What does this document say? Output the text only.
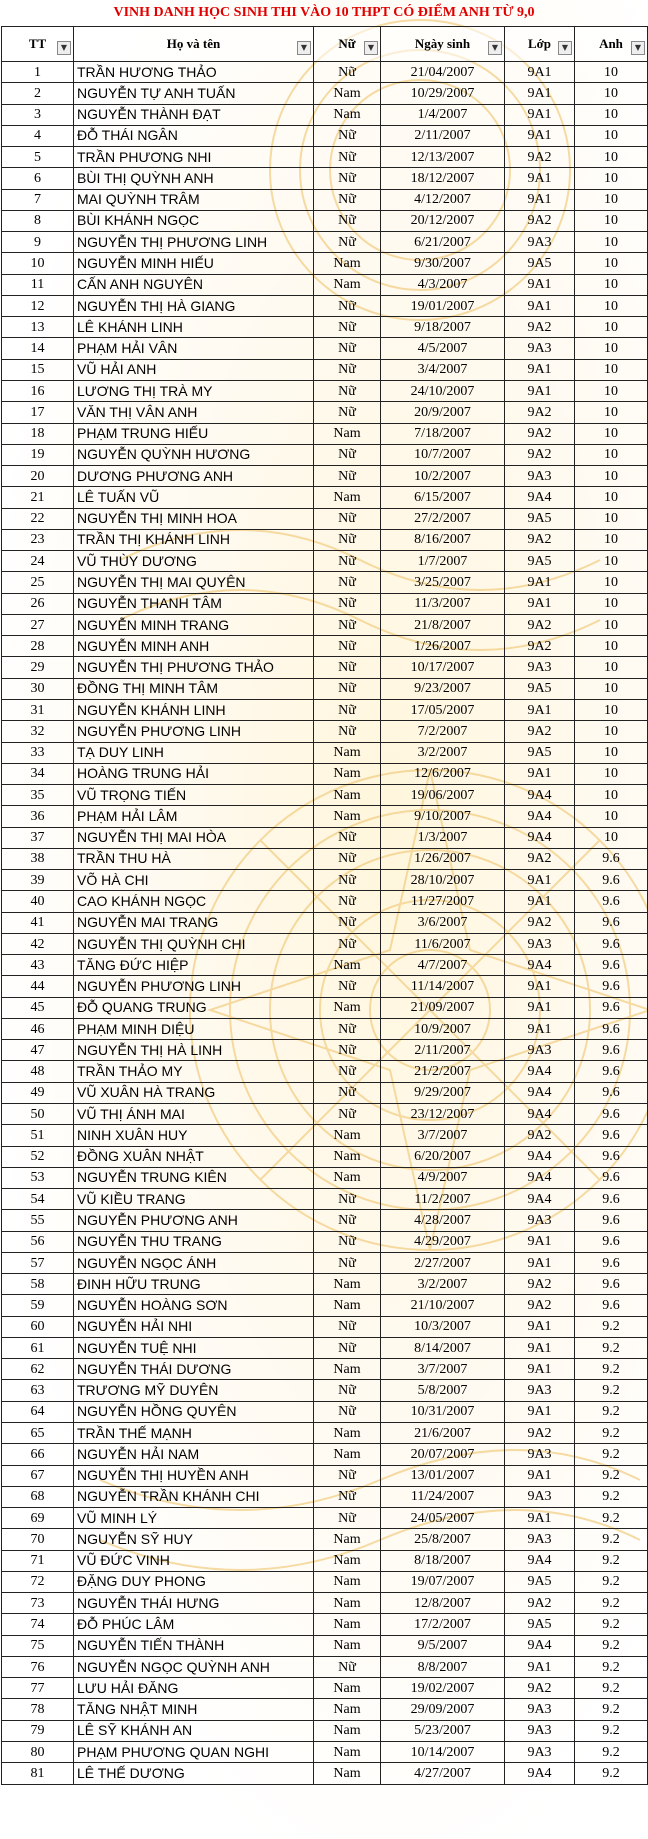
VINH DANH HỌC SINH THI VÀO 10 THPT CÓ ĐIỂM ANH TỪ 9,0
TT ▼	Họ và tên ▼	Nữ ▼	Ngày sinh ▼	Lớp ▼	Anh ▼

1	TRẦN HƯƠNG THẢO	Nữ	21/04/2007	9A1	10
2	NGUYỄN TỰ ANH TUẤN	Nam	10/29/2007	9A1	10
3	NGUYỄN THÀNH ĐẠT	Nam	1/4/2007	9A1	10
4	ĐỖ THÁI NGÂN	Nữ	2/11/2007	9A1	10
5	TRẦN PHƯƠNG NHI	Nữ	12/13/2007	9A2	10
6	BÙI THỊ QUỲNH ANH	Nữ	18/12/2007	9A1	10
7	MAI QUỲNH TRÂM	Nữ	4/12/2007	9A1	10
8	BÙI KHÁNH NGỌC	Nữ	20/12/2007	9A2	10
9	NGUYỄN THỊ PHƯƠNG LINH	Nữ	6/21/2007	9A3	10
10	NGUYỄN MINH HIẾU	Nam	9/30/2007	9A5	10
11	CẤN ANH NGUYÊN	Nam	4/3/2007	9A1	10
12	NGUYỄN THỊ HÀ GIANG	Nữ	19/01/2007	9A1	10
13	LÊ KHÁNH LINH	Nữ	9/18/2007	9A2	10
14	PHẠM HẢI VÂN	Nữ	4/5/2007	9A3	10
15	VŨ HẢI ANH	Nữ	3/4/2007	9A1	10
16	LƯƠNG THỊ TRÀ MY	Nữ	24/10/2007	9A1	10
17	VĂN THỊ VÂN ANH	Nữ	20/9/2007	9A2	10
18	PHẠM TRUNG HIẾU	Nam	7/18/2007	9A2	10
19	NGUYỄN QUỲNH HƯƠNG	Nữ	10/7/2007	9A2	10
20	DƯƠNG PHƯƠNG ANH	Nữ	10/2/2007	9A3	10
21	LÊ TUẤN VŨ	Nam	6/15/2007	9A4	10
22	NGUYỄN THỊ MINH HOA	Nữ	27/2/2007	9A5	10
23	TRẦN THỊ KHÁNH LINH	Nữ	8/16/2007	9A2	10
24	VŨ THÙY DƯƠNG	Nữ	1/7/2007	9A5	10
25	NGUYỄN THỊ MAI QUYÊN	Nữ	3/25/2007	9A1	10
26	NGUYỄN THANH TÂM	Nữ	11/3/2007	9A1	10
27	NGUYỄN MINH TRANG	Nữ	21/8/2007	9A2	10
28	NGUYỄN MINH ANH	Nữ	1/26/2007	9A2	10
29	NGUYỄN THỊ PHƯƠNG THẢO	Nữ	10/17/2007	9A3	10
30	ĐỒNG THỊ MINH TÂM	Nữ	9/23/2007	9A5	10
31	NGUYỄN KHÁNH LINH	Nữ	17/05/2007	9A1	10
32	NGUYỄN PHƯƠNG LINH	Nữ	7/2/2007	9A2	10
33	TẠ DUY LINH	Nam	3/2/2007	9A5	10
34	HOÀNG TRUNG HẢI	Nam	12/6/2007	9A1	10
35	VŨ TRỌNG TIẾN	Nam	19/06/2007	9A4	10
36	PHẠM HẢI LÂM	Nam	9/10/2007	9A4	10
37	NGUYỄN THỊ MAI HÒA	Nữ	1/3/2007	9A4	10
38	TRẦN THU HÀ	Nữ	1/26/2007	9A2	9.6
39	VÕ HÀ CHI	Nữ	28/10/2007	9A1	9.6
40	CAO KHÁNH NGỌC	Nữ	11/27/2007	9A1	9.6
41	NGUYỄN MAI TRANG	Nữ	3/6/2007	9A2	9.6
42	NGUYỄN THỊ QUỲNH CHI	Nữ	11/6/2007	9A3	9.6
43	TĂNG ĐỨC HIỆP	Nam	4/7/2007	9A4	9.6
44	NGUYỄN PHƯƠNG LINH	Nữ	11/14/2007	9A1	9.6
45	ĐỖ QUANG TRUNG	Nam	21/09/2007	9A1	9.6
46	PHẠM MINH DIỆU	Nữ	10/9/2007	9A1	9.6
47	NGUYỄN THỊ HÀ LINH	Nữ	2/11/2007	9A3	9.6
48	TRẦN THẢO MY	Nữ	21/2/2007	9A4	9.6
49	VŨ XUÂN HÀ TRANG	Nữ	9/29/2007	9A4	9.6
50	VŨ THỊ ÁNH MAI	Nữ	23/12/2007	9A4	9.6
51	NINH XUÂN HUY	Nam	3/7/2007	9A2	9.6
52	ĐỒNG XUÂN NHẬT	Nam	6/20/2007	9A4	9.6
53	NGUYỄN TRUNG KIÊN	Nam	4/9/2007	9A4	9.6
54	VŨ KIỀU TRANG	Nữ	11/2/2007	9A4	9.6
55	NGUYỄN PHƯƠNG ANH	Nữ	4/28/2007	9A3	9.6
56	NGUYỄN THU TRANG	Nữ	4/29/2007	9A1	9.6
57	NGUYỄN NGỌC ÁNH	Nữ	2/27/2007	9A1	9.6
58	ĐINH HỮU TRUNG	Nam	3/2/2007	9A2	9.6
59	NGUYỄN HOÀNG SƠN	Nam	21/10/2007	9A2	9.6
60	NGUYỄN HẢI NHI	Nữ	10/3/2007	9A1	9.2
61	NGUYỄN TUỆ NHI	Nữ	8/14/2007	9A1	9.2
62	NGUYỄN THÁI DƯƠNG	Nam	3/7/2007	9A1	9.2
63	TRƯƠNG MỸ DUYÊN	Nữ	5/8/2007	9A3	9.2
64	NGUYỄN HỒNG QUYÊN	Nữ	10/31/2007	9A1	9.2
65	TRẦN THẾ MẠNH	Nam	21/6/2007	9A2	9.2
66	NGUYỄN HẢI NAM	Nam	20/07/2007	9A3	9.2
67	NGUYỄN THỊ HUYỀN ANH	Nữ	13/01/2007	9A1	9.2
68	NGUYỄN TRẦN KHÁNH CHI	Nữ	11/24/2007	9A3	9.2
69	VŨ MINH LÝ	Nữ	24/05/2007	9A1	9.2
70	NGUYỄN SỸ HUY	Nam	25/8/2007	9A3	9.2
71	VŨ ĐỨC VINH	Nam	8/18/2007	9A4	9.2
72	ĐẶNG DUY PHONG	Nam	19/07/2007	9A5	9.2
73	NGUYỄN THÁI HƯNG	Nam	12/8/2007	9A2	9.2
74	ĐỖ PHÚC LÂM	Nam	17/2/2007	9A5	9.2
75	NGUYỄN TIẾN THÀNH	Nam	9/5/2007	9A4	9.2
76	NGUYỄN NGỌC QUỲNH ANH	Nữ	8/8/2007	9A1	9.2
77	LƯU HẢI ĐĂNG	Nam	19/02/2007	9A2	9.2
78	TĂNG NHẬT MINH	Nam	29/09/2007	9A3	9.2
79	LÊ SỸ KHÁNH AN	Nam	5/23/2007	9A3	9.2
80	PHẠM PHƯƠNG QUAN NGHI	Nam	10/14/2007	9A3	9.2
81	LÊ THẾ DƯƠNG	Nam	4/27/2007	9A4	9.2
